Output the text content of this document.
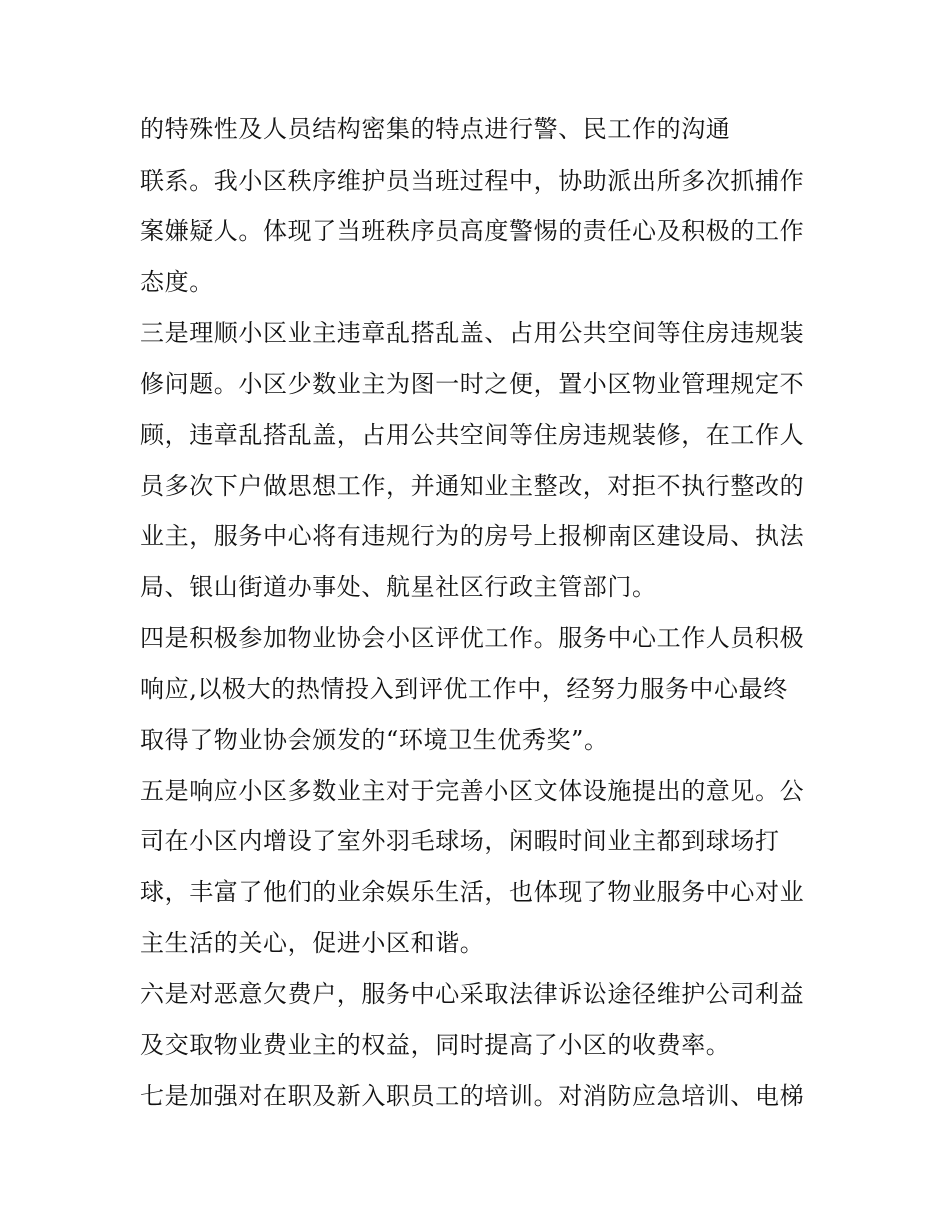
的特殊性及人员结构密集的特点进行警、民工作的沟通
联系。我小区秩序维护员当班过程中，协助派出所多次抓捕作
案嫌疑人。体现了当班秩序员高度警惕的责任心及积极的工作
态度。
三是理顺小区业主违章乱搭乱盖、占用公共空间等住房违规装
修问题。小区少数业主为图一时之便，置小区物业管理规定不
顾，违章乱搭乱盖，占用公共空间等住房违规装修，在工作人
员多次下户做思想工作，并通知业主整改，对拒不执行整改的
业主，服务中心将有违规行为的房号上报柳南区建设局、执法
局、银山街道办事处、航星社区行政主管部门。
四是积极参加物业协会小区评优工作。服务中心工作人员积极
响应,以极大的热情投入到评优工作中，经努力服务中心最终
取得了物业协会颁发的“环境卫生优秀奖”。
五是响应小区多数业主对于完善小区文体设施提出的意见。公
司在小区内增设了室外羽毛球场，闲暇时间业主都到球场打
球，丰富了他们的业余娱乐生活，也体现了物业服务中心对业
主生活的关心，促进小区和谐。
六是对恶意欠费户，服务中心采取法律诉讼途径维护公司利益
及交取物业费业主的权益，同时提高了小区的收费率。
七是加强对在职及新入职员工的培训。对消防应急培训、电梯
